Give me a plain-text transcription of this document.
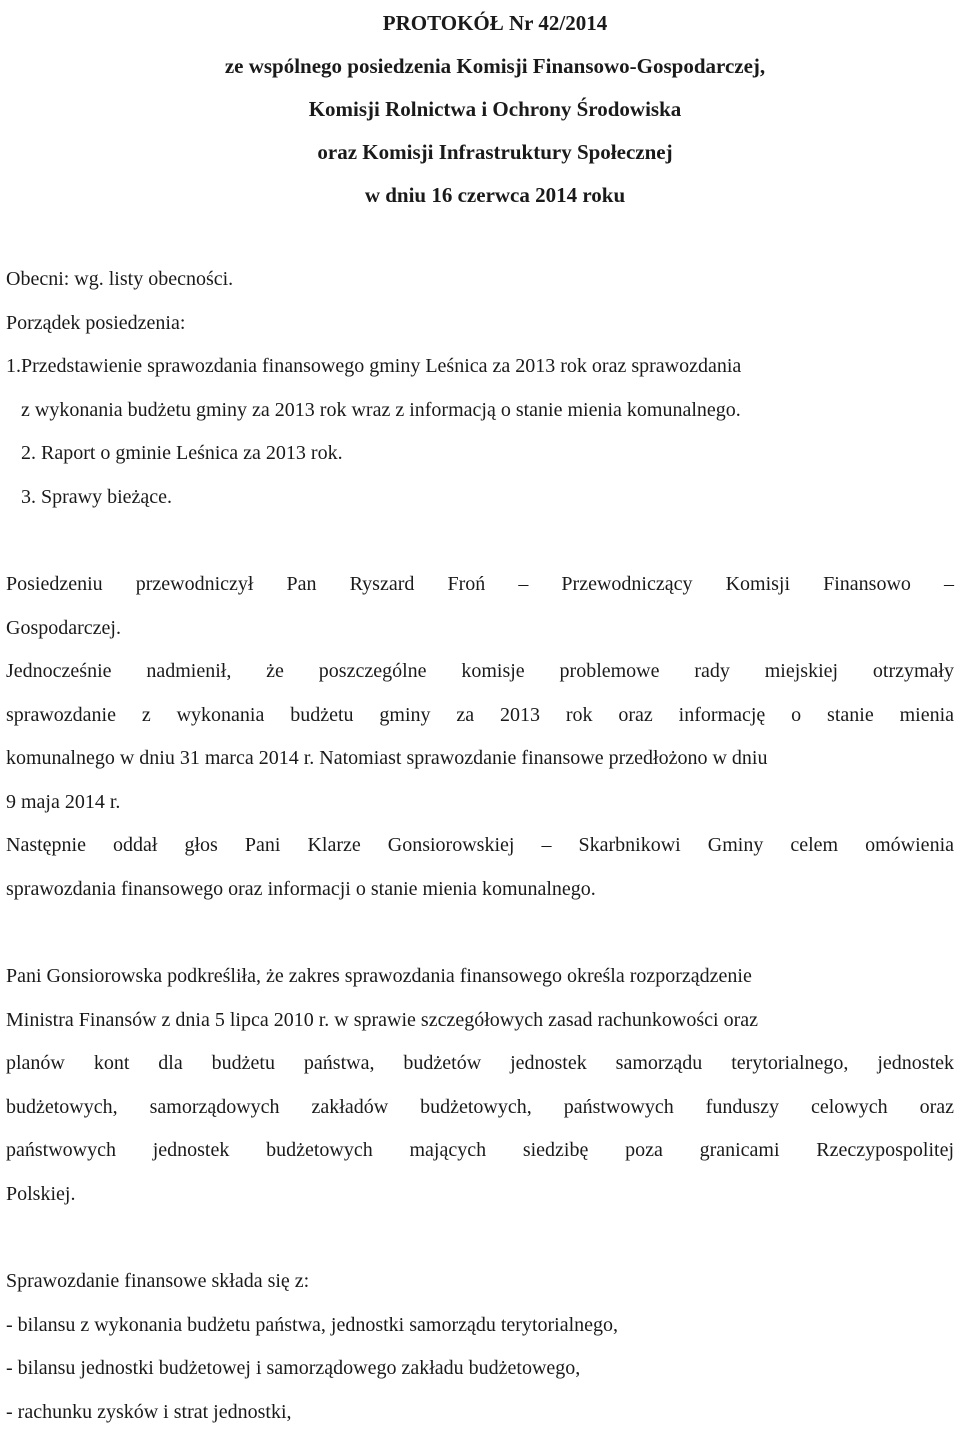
PROTOKÓŁ Nr 42/2014
ze wspólnego posiedzenia Komisji Finansowo-Gospodarczej,
Komisji Rolnictwa i Ochrony Środowiska
oraz Komisji Infrastruktury Społecznej
w dniu 16 czerwca 2014 roku
Obecni: wg. listy obecności.
Porządek posiedzenia:
1.Przedstawienie sprawozdania finansowego gminy Leśnica za 2013 rok oraz sprawozdania
z wykonania budżetu gminy za 2013 rok wraz z informacją o stanie mienia komunalnego.
2. Raport o gminie Leśnica za 2013 rok.
3. Sprawy bieżące.
Posiedzeniu przewodniczył Pan Ryszard Froń – Przewodniczący Komisji Finansowo –
Gospodarczej.
Jednocześnie nadmienił, że poszczególne komisje problemowe rady miejskiej otrzymały
sprawozdanie z wykonania budżetu gminy za 2013 rok oraz informację o stanie mienia
komunalnego w dniu 31 marca 2014 r. Natomiast sprawozdanie finansowe przedłożono w dniu
9 maja 2014 r.
Następnie oddał głos Pani Klarze Gonsiorowskiej – Skarbnikowi Gminy celem omówienia
sprawozdania finansowego oraz informacji o stanie mienia komunalnego.
Pani Gonsiorowska podkreśliła, że zakres sprawozdania finansowego określa rozporządzenie
Ministra Finansów z dnia 5 lipca 2010 r. w sprawie szczegółowych zasad rachunkowości oraz
planów kont dla budżetu państwa, budżetów jednostek samorządu terytorialnego, jednostek
budżetowych, samorządowych zakładów budżetowych, państwowych funduszy celowych oraz
państwowych jednostek budżetowych mających siedzibę poza granicami Rzeczypospolitej
Polskiej.
Sprawozdanie finansowe składa się z:
- bilansu z wykonania budżetu państwa, jednostki samorządu terytorialnego,
- bilansu jednostki budżetowej i samorządowego zakładu budżetowego,
- rachunku zysków i strat jednostki,
